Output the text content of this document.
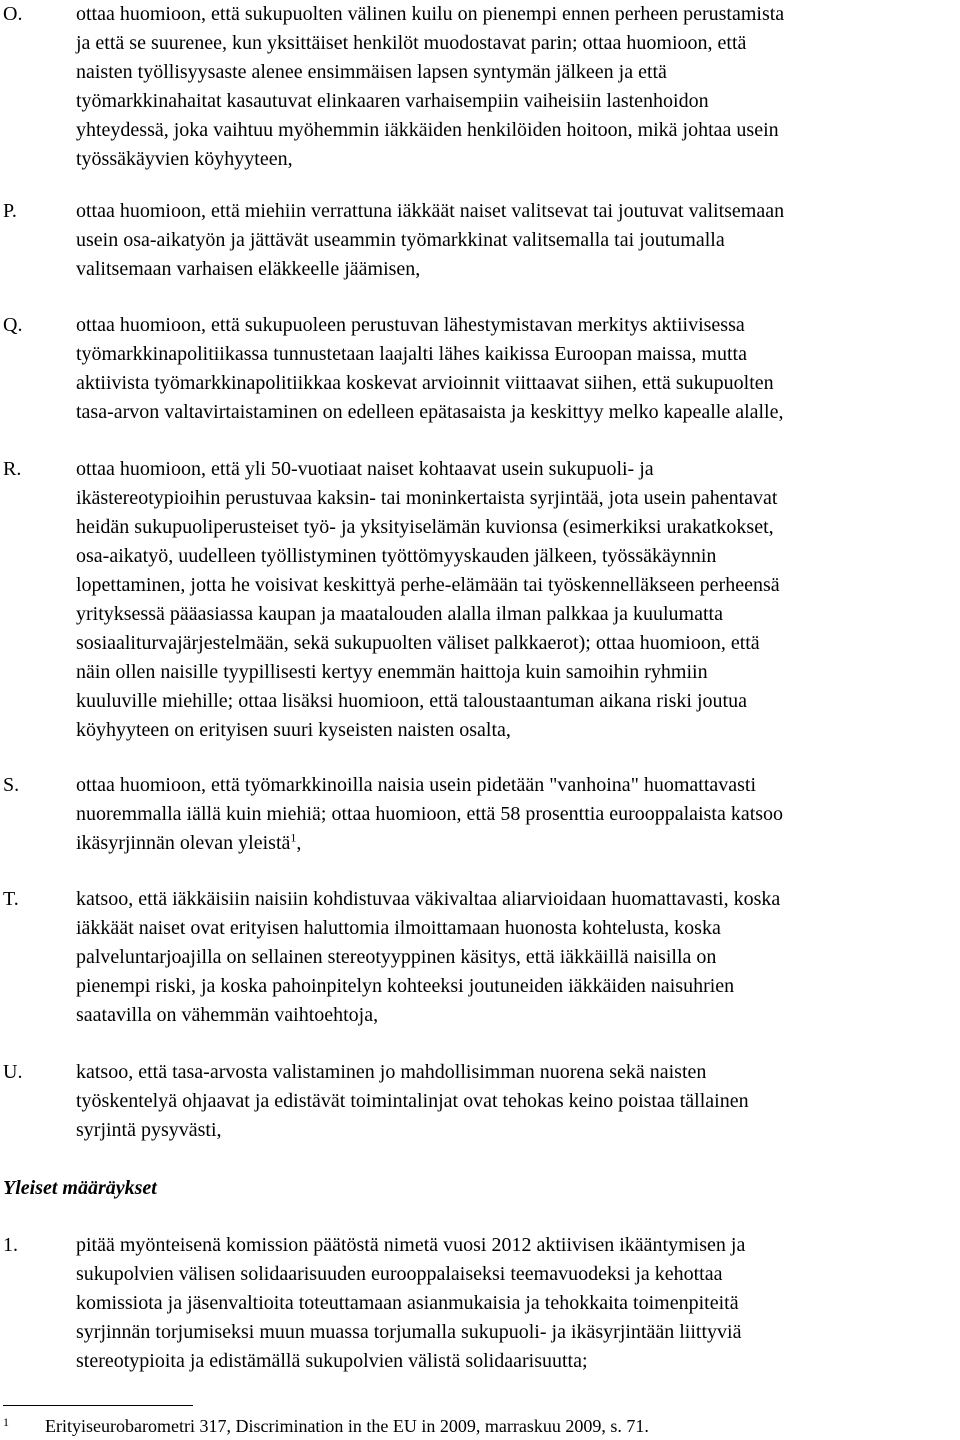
O.	ottaa huomioon, että sukupuolten välinen kuilu on pienempi ennen perheen perustamista
ja että se suurenee, kun yksittäiset henkilöt muodostavat parin; ottaa huomioon, että
naisten työllisyysaste alenee ensimmäisen lapsen syntymän jälkeen ja että
työmarkkinahaitat kasautuvat elinkaaren varhaisempiin vaiheisiin lastenhoidon
yhteydessä, joka vaihtuu myöhemmin iäkkäiden henkilöiden hoitoon, mikä johtaa usein
työssäkäyvien köyhyyteen,
P.	ottaa huomioon, että miehiin verrattuna iäkkäät naiset valitsevat tai joutuvat valitsemaan
usein osa-aikatyön ja jättävät useammin työmarkkinat valitsemalla tai joutumalla
valitsemaan varhaisen eläkkeelle jäämisen,
Q.	ottaa huomioon, että sukupuoleen perustuvan lähestymistavan merkitys aktiivisessa
työmarkkinapolitiikassa tunnustetaan laajalti lähes kaikissa Euroopan maissa, mutta
aktiivista työmarkkinapolitiikkaa koskevat arvioinnit viittaavat siihen, että sukupuolten
tasa-arvon valtavirtaistaminen on edelleen epätasaista ja keskittyy melko kapealle alalle,
R.	ottaa huomioon, että yli 50-vuotiaat naiset kohtaavat usein sukupuoli- ja
ikästereotypioihin perustuvaa kaksin- tai moninkertaista syrjintää, jota usein pahentavat
heidän sukupuoliperusteiset työ- ja yksityiselämän kuvionsa (esimerkiksi urakatkokset,
osa-aikatyö, uudelleen työllistyminen työttömyyskauden jälkeen, työssäkäynnin
lopettaminen, jotta he voisivat keskittyä perhe-elämään tai työskennelläkseen perheensä
yrityksessä pääasiassa kaupan ja maatalouden alalla ilman palkkaa ja kuulumatta
sosiaaliturvajärjestelmään, sekä sukupuolten väliset palkkaerot); ottaa huomioon, että
näin ollen naisille tyypillisesti kertyy enemmän haittoja kuin samoihin ryhmiin
kuuluville miehille; ottaa lisäksi huomioon, että taloustaantuman aikana riski joutua
köyhyyteen on erityisen suuri kyseisten naisten osalta,
S.	ottaa huomioon, että työmarkkinoilla naisia usein pidetään "vanhoina" huomattavasti
nuoremmalla iällä kuin miehiä; ottaa huomioon, että 58 prosenttia eurooppalaista katsoo
ikäsyrjinnän olevan yleistä$^1$,
T.	katsoo, että iäkkäisiin naisiin kohdistuvaa väkivaltaa aliarvioidaan huomattavasti, koska
iäkkäät naiset ovat erityisen haluttomia ilmoittamaan huonosta kohtelusta, koska
palveluntarjoajilla on sellainen stereotyyppinen käsitys, että iäkkäillä naisilla on
pienempi riski, ja koska pahoinpitelyn kohteeksi joutuneiden iäkkäiden naisuhrien
saatavilla on vähemmän vaihtoehtoja,
U.	katsoo, että tasa-arvosta valistaminen jo mahdollisimman nuorena sekä naisten
työskentelyä ohjaavat ja edistävät toimintalinjat ovat tehokas keino poistaa tällainen
syrjintä pysyvästi,
Yleiset määräykset
1.	pitää myönteisenä komission päätöstä nimetä vuosi 2012 aktiivisen ikääntymisen ja
sukupolvien välisen solidaarisuuden eurooppalaiseksi teemavuodeksi ja kehottaa
komissiota ja jäsenvaltioita toteuttamaan asianmukaisia ja tehokkaita toimenpiteitä
syrjinnän torjumiseksi muun muassa torjumalla sukupuoli- ja ikäsyrjintään liittyviä
stereotypioita ja edistämällä sukupolvien välistä solidaarisuutta;
1 Erityiseurobarometri 317, Discrimination in the EU in 2009, marraskuu 2009, s. 71.
